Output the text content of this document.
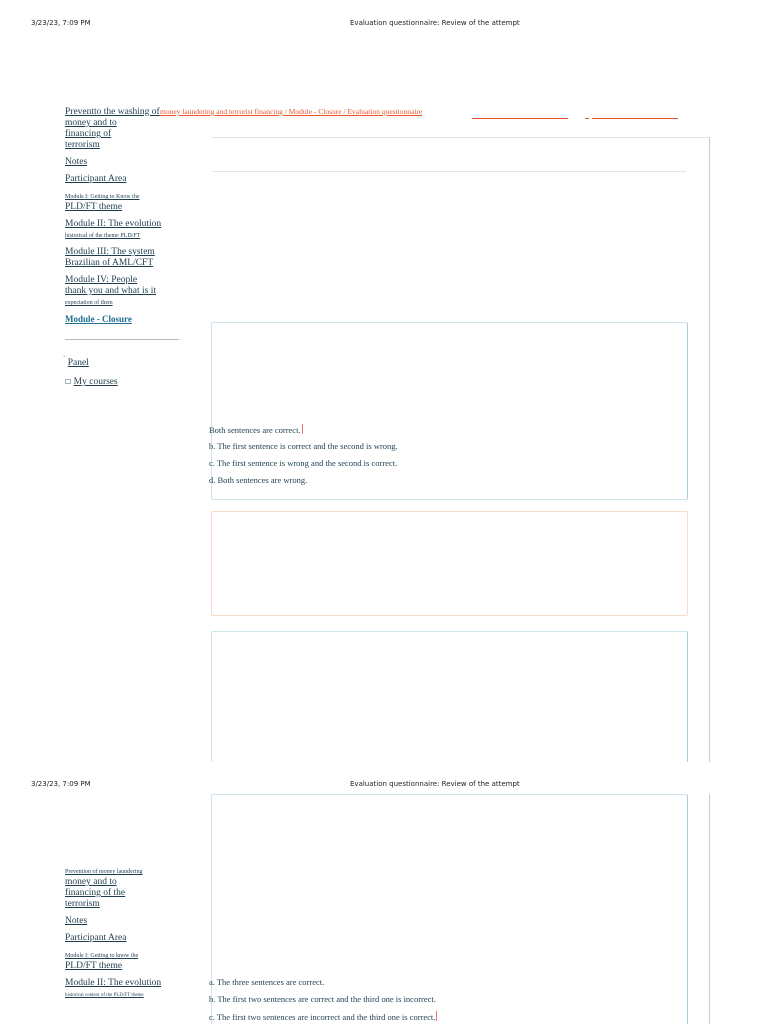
3/23/23, 7:09 PM	Evaluation questionnaire: Review of the attempt
money laundering and terrorist financing / Module - Closure / Evaluation questionnaire
Preventto the washing of
money and to
financing of
terrorism
Notes
Participant Area
Module I: Getting to Know the
PLD/FT theme
Module II: The evolution
historical of the theme PLD/FT
Module III: The system
Brazilian of AML/CFT
Module IV: People
thank you and what is it
expectation of them
Module - Closure
` Panel
☐ My courses
Both sentences are correct.
b. The first sentence is correct and the second is wrong.
c. The first sentence is wrong and the second is correct.
d. Both sentences are wrong.
3/23/23, 7:09 PM	Evaluation questionnaire: Review of the attempt
Prevention of money laundering
money and to
financing of the
terrorism
Notes
Participant Area
Module I: Getting to know the
PLD/FT theme
Module II: The evolution
historical context of the PLD/FT theme
a. The three sentences are correct.
b. The first two sentences are correct and the third one is incorrect.
c. The first two sentences are incorrect and the third one is correct.
